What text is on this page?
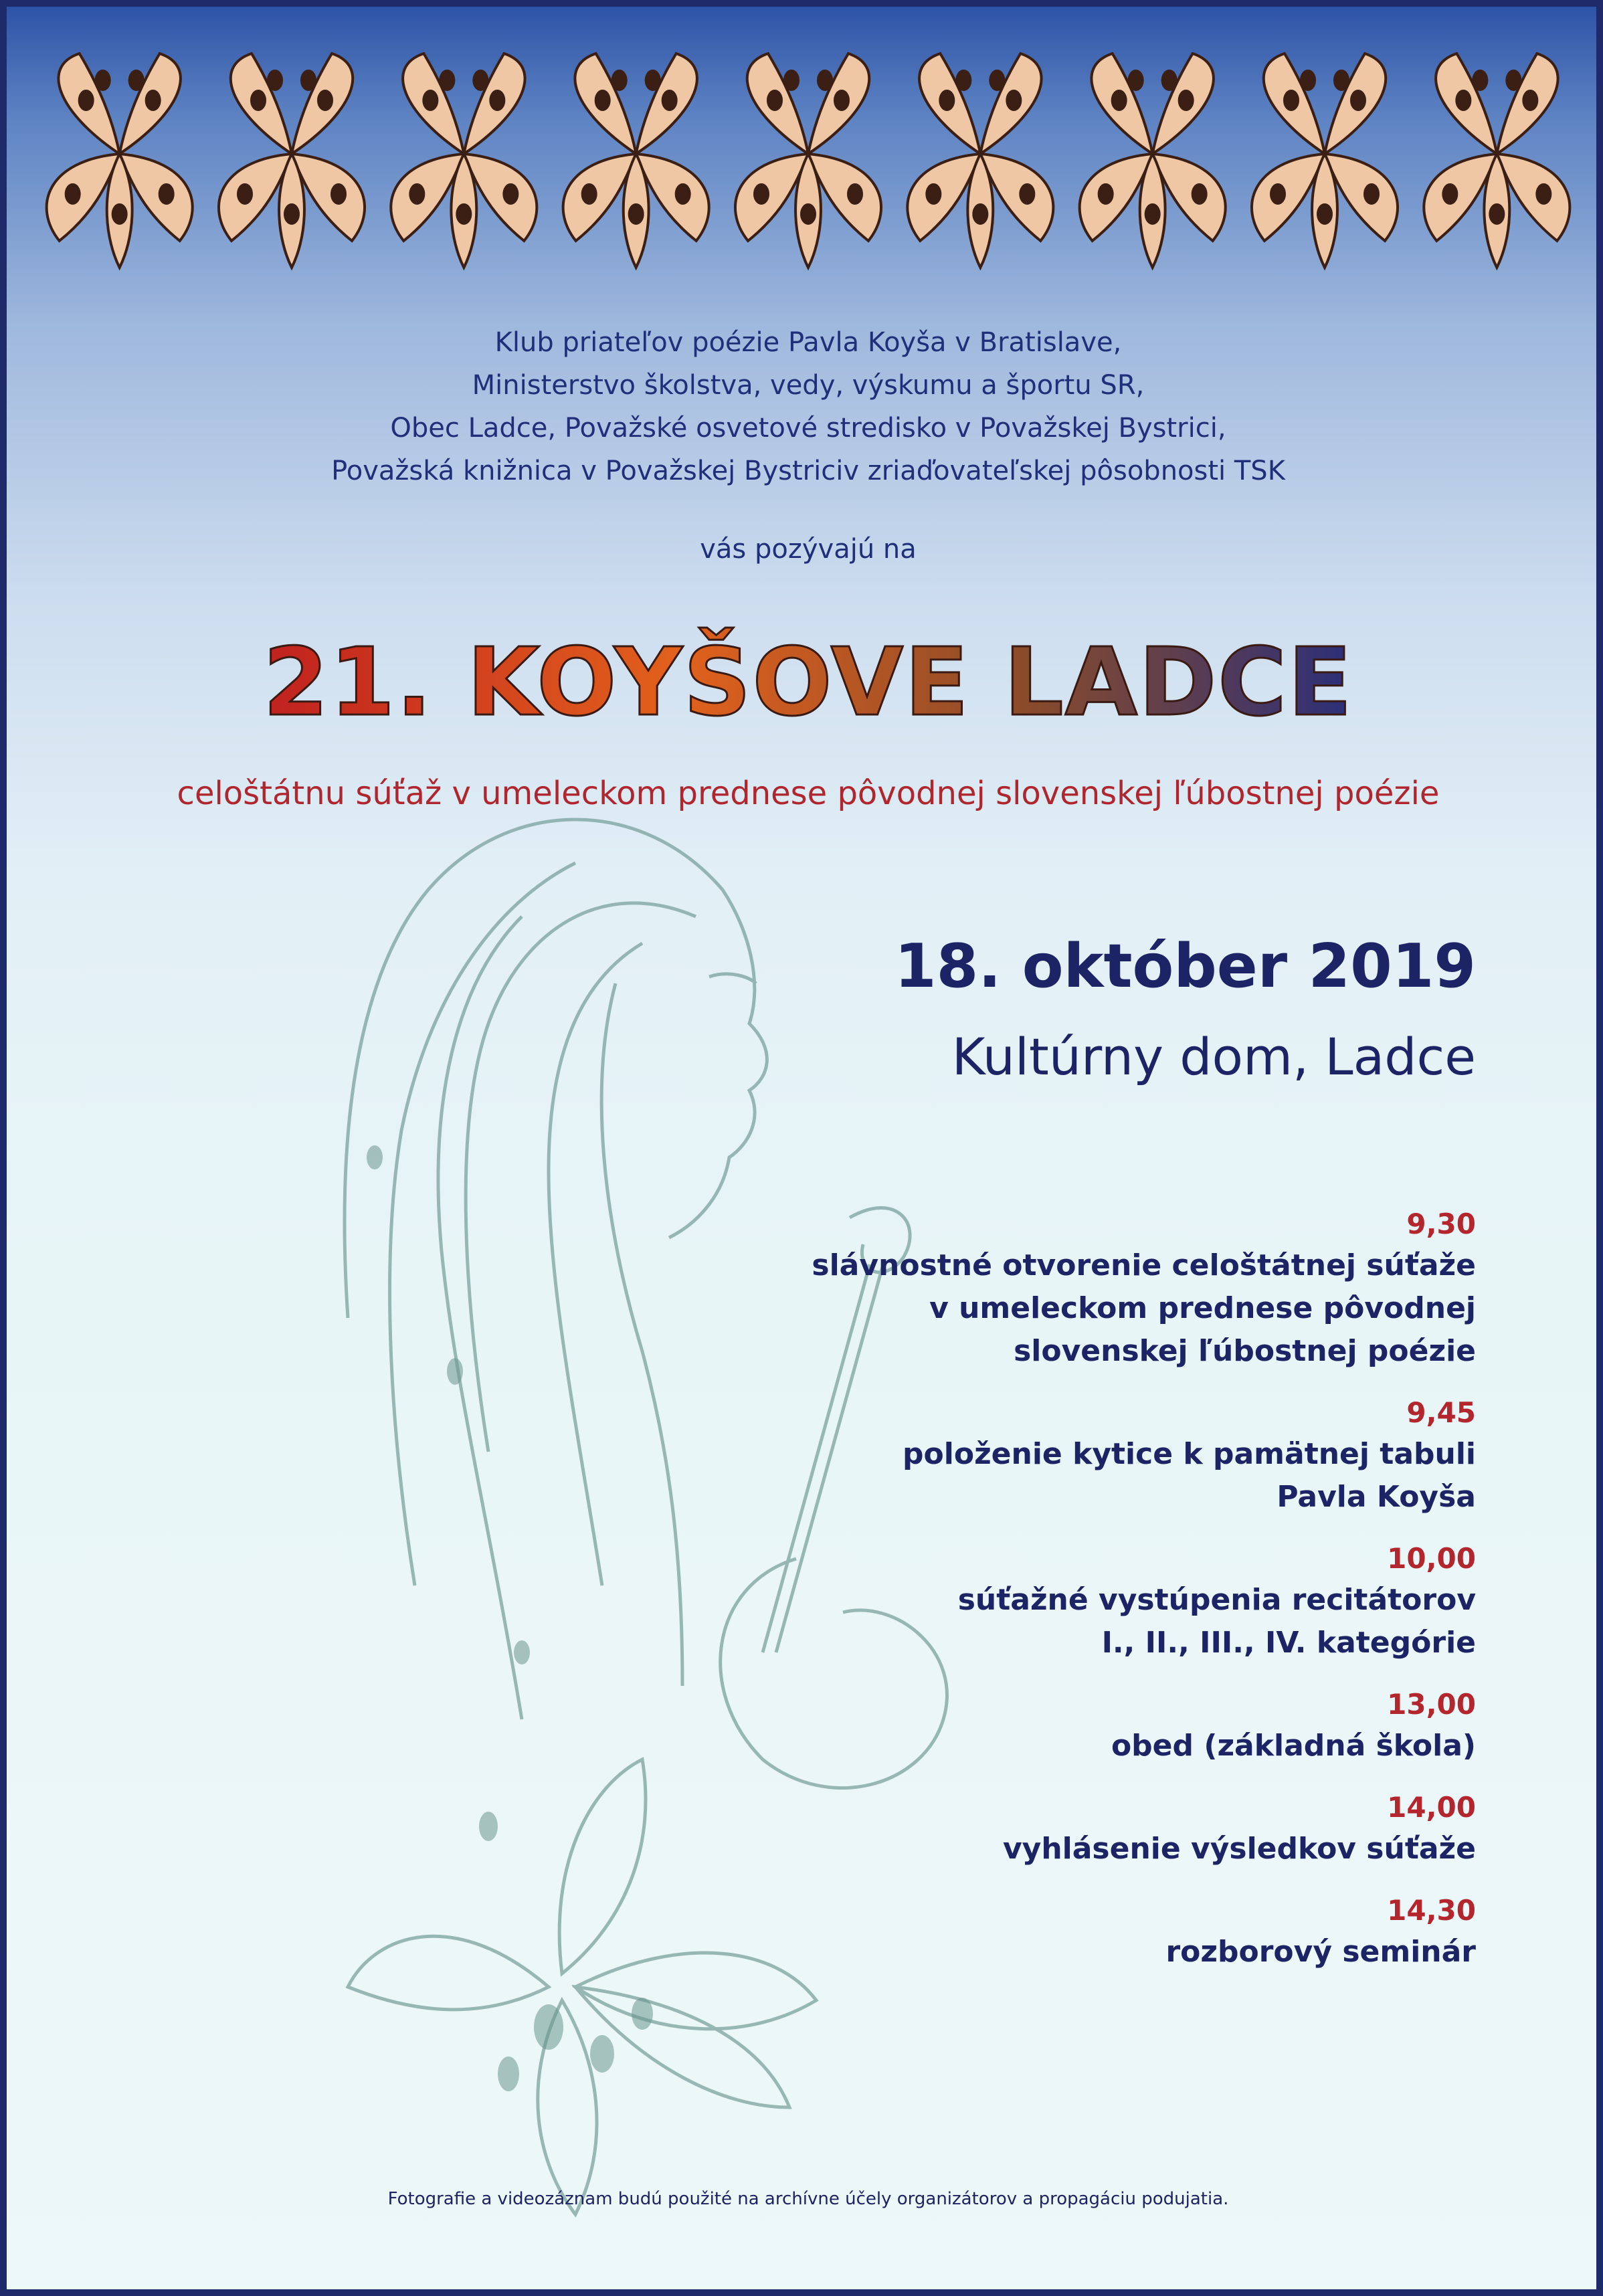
Klub priateľov poézie Pavla Koyša v Bratislave,
Ministerstvo školstva, vedy, výskumu a športu SR,
Obec Ladce, Považské osvetové stredisko v Považskej Bystrici,
Považská knižnica v Považskej Bystriciv zriaďovateľskej pôsobnosti TSK
vás pozývajú na
21. KOYŠOVE LADCE
celoštátnu súťaž v umeleckom prednese pôvodnej slovenskej ľúbostnej poézie
18. október 2019
Kultúrny dom, Ladce
9,30
slávnostné otvorenie celoštátnej súťaže
v umeleckom prednese pôvodnej
slovenskej ľúbostnej poézie
9,45
položenie kytice k pamätnej tabuli
Pavla Koyša
10,00
súťažné vystúpenia recitátorov
I., II., III., IV. kategórie
13,00
obed (základná škola)
14,00
vyhlásenie výsledkov súťaže
14,30
rozborový seminár
Fotografie a videozáznam budú použité na archívne účely organizátorov a propagáciu podujatia.
